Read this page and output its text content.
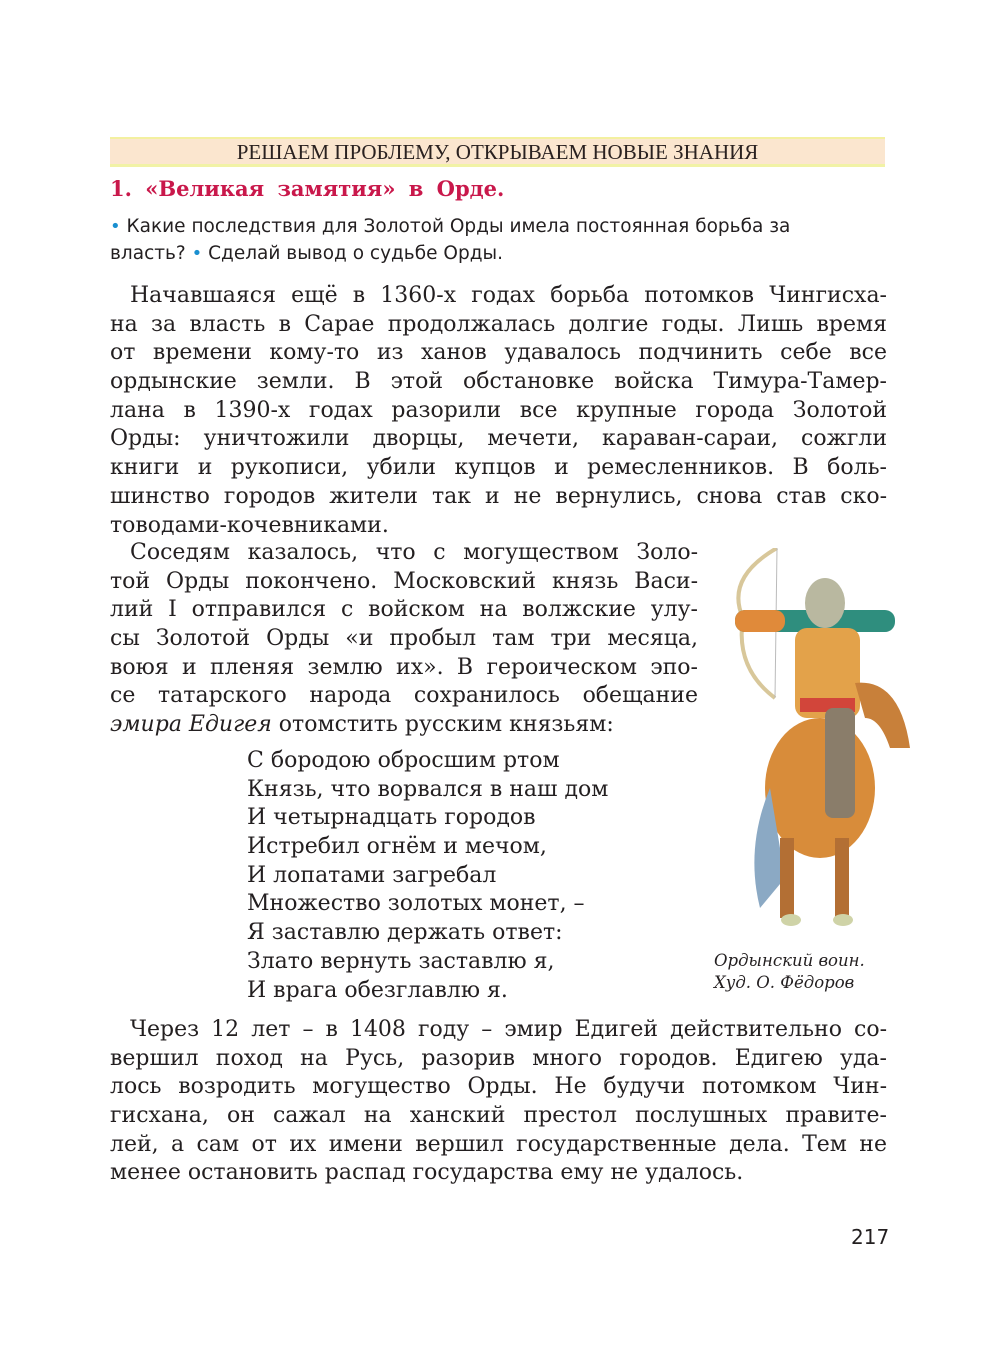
РЕШАЕМ ПРОБЛЕМУ, ОТКРЫВАЕМ НОВЫЕ ЗНАНИЯ
1. «Великая замятия» в Орде.
• Какие последствия для Золотой Орды имела постоянная борьба за
власть? • Сделай вывод о судьбе Орды.
Начавшаяся ещё в 1360-х годах борьба потомков Чингисха-
на за власть в Сарае продолжалась долгие годы. Лишь время
от времени кому-то из ханов удавалось подчинить себе все
ордынские земли. В этой обстановке войска Тимура-Тамер-
лана в 1390-х годах разорили все крупные города Золотой
Орды: уничтожили дворцы, мечети, караван-сараи, сожгли
книги и рукописи, убили купцов и ремесленников. В боль-
шинство городов жители так и не вернулись, снова став ско-
товодами-кочевниками.
Соседям казалось, что с могуществом Золо-
той Орды покончено. Московский князь Васи-
лий I отправился с войском на волжские улу-
сы Золотой Орды «и пробыл там три месяца,
воюя и пленяя землю их». В героическом эпо-
се татарского народа сохранилось обещание
эмира Едигея отомстить русским князьям:
С бородою обросшим ртом
Князь, что ворвался в наш дом
И четырнадцать городов
Истребил огнём и мечом,
И лопатами загребал
Множество золотых монет, –
Я заставлю держать ответ:
Злато вернуть заставлю я,
И врага обезглавлю я.
Ордынский воин.
Худ. О. Фёдоров
Через 12 лет – в 1408 году – эмир Едигей действительно со-
вершил поход на Русь, разорив много городов. Едигею уда-
лось возродить могущество Орды. Не будучи потомком Чин-
гисхана, он сажал на ханский престол послушных правите-
лей, а сам от их имени вершил государственные дела. Тем не
менее остановить распад государства ему не удалось.
217
